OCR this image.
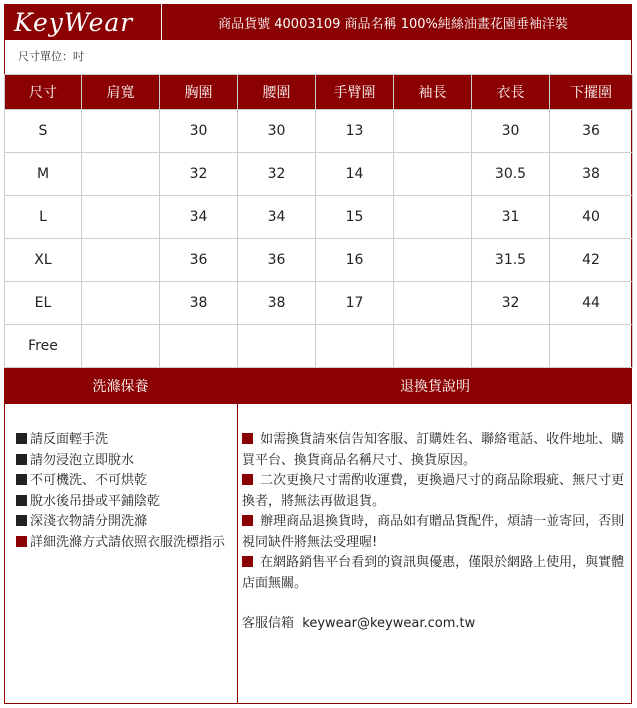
KeyWear	商品貨號 40003109 商品名稱 100%純絲油畫花園垂袖洋裝
尺寸單位：吋
尺寸	肩寬	胸圍	腰圍	手臂圍	袖長	衣長	下擺圍
S		30	30	13		30	36
M		32	32	14		30.5	38
L		34	34	15		31	40
XL		36	36	16		31.5	42
EL		38	38	17		32	44
Free							
洗滌保養	退換貨說明
請反面輕手洗
請勿浸泡立即脫水
不可機洗、不可烘乾
脫水後吊掛或平鋪陰乾
深淺衣物請分開洗滌
詳細洗滌方式請依照衣服洗標指示
如需換貨請來信告知客服、訂購姓名、聯絡電話、收件地址、購買平台、換貨商品名稱尺寸、換貨原因。
二次更換尺寸需酌收運費，更換過尺寸的商品除瑕疵、無尺寸更換者，將無法再做退貨。
辦理商品退換貨時，商品如有贈品貨配件，煩請一並寄回，否則視同缺件將無法受理喔!
在網路銷售平台看到的資訊與優惠，僅限於網路上使用，與實體店面無關。
客服信箱 keywear@keywear.com.tw
